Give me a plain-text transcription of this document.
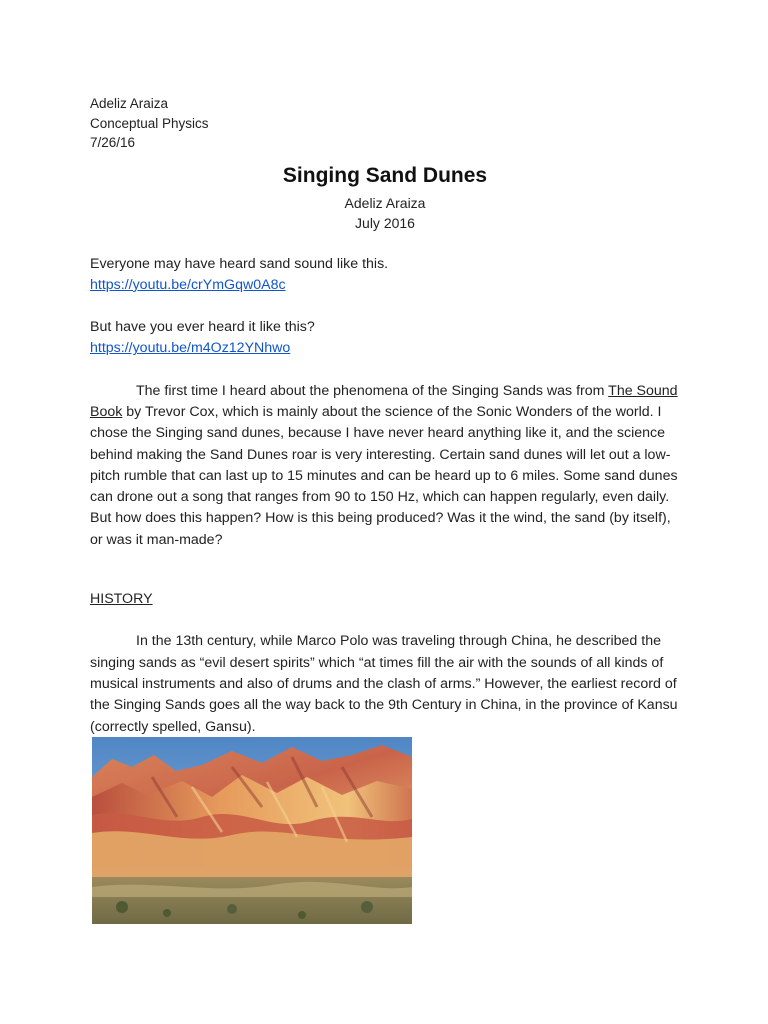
Adeliz Araiza

Conceptual Physics

7/26/16

Singing Sand Dunes

Adeliz Araiza

July 2016

Everyone may have heard sand sound like this.

https://youtu.be/crYmGqw0A8c

But have you ever heard it like this?

https://youtu.be/m4Oz12YNhwo

The first time I heard about the phenomena of the Singing Sands was from The Sound Book by Trevor Cox, which is mainly about the science of the Sonic Wonders of the world. I chose the Singing sand dunes, because I have never heard anything like it, and the science behind making the Sand Dunes roar is very interesting. Certain sand dunes will let out a low-pitch rumble that can last up to 15 minutes and can be heard up to 6 miles. Some sand dunes can drone out a song that ranges from 90 to 150 Hz, which can happen regularly, even daily. But how does this happen? How is this being produced? Was it the wind, the sand (by itself), or was it man-made?

HISTORY

In the 13th century, while Marco Polo was traveling through China, he described the singing sands as “evil desert spirits” which “at times fill the air with the sounds of all kinds of musical instruments and also of drums and the clash of arms.” However, the earliest record of the Singing Sands goes all the way back to the 9th Century in China, in the province of Kansu (correctly spelled, Gansu).
